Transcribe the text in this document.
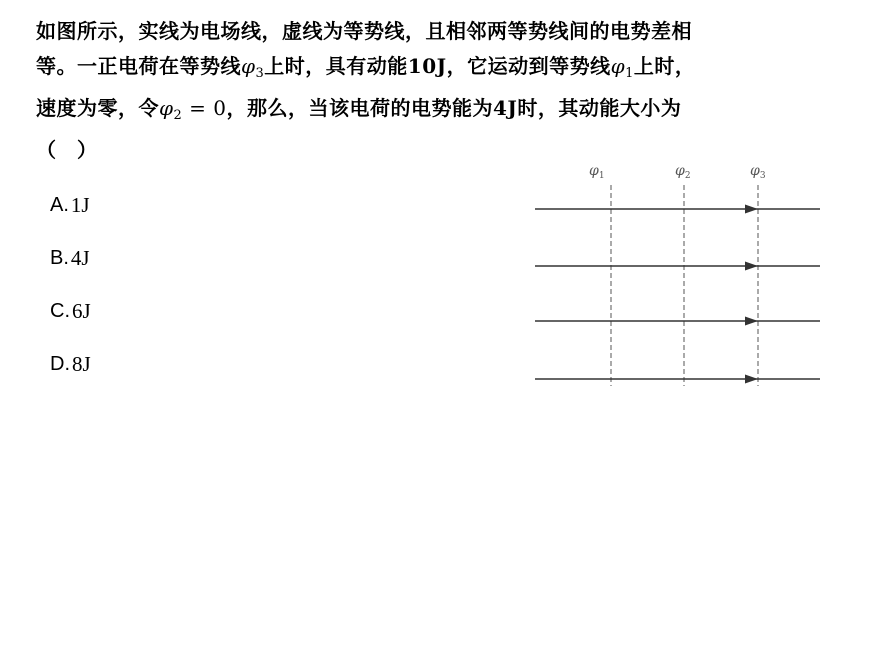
如图所示，实线为电场线，虚线为等势线，且相邻两等势线间的电势差相
等。一正电荷在等势线$\varphi_3$上时，具有动能10J，它运动到等势线$\varphi_1$上时，
速度为零，令$\varphi_2 = 0$，那么，当该电荷的电势能为4J时，其动能大小为
（　）
A. 1J
B. 4J
C. 6J
D. 8J
$\varphi_1$	$\varphi_2$	$\varphi_3$
